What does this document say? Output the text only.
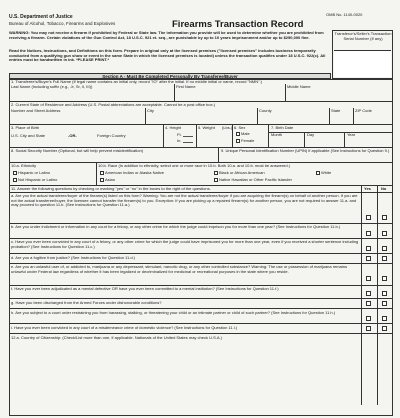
U.S. Department of Justice
Bureau of Alcohol, Tobacco, Firearms and Explosives	Firearms Transaction Record
OMB No. 1140-0020
WARNING: You may not receive a firearm if prohibited by Federal or State law. The information you provide will be used to determine whether you are prohibited from receiving a firearm. Certain violations of the Gun Control Act, 18 U.S.C. 921 et. seq., are punishable by up to 10 years imprisonment and/or up to $250,000 fine.
Read the Notices, Instructions, and Definitions on this form. Prepare in original only at the licensed premises ("licensed premises" includes business temporarily conducted from a qualifying gun show or event in the same State in which the licensed premises is located) unless the transaction qualifies under 18 U.S.C. 922(c). All entries must be handwritten in ink. *PLEASE PRINT.*
Transferor's/Seller's Transaction Serial Number (If any)
Section A - Must Be Completed Personally By Transferee/Buyer
1. Transferee's/Buyer's Full Name (If legal name contains an initial only, record "IO" after the initial. If no middle initial or name, record "NMN".)
Last Name (Including suffix (e.g., Jr, Sr, II, III))	First Name	Middle Name
2. Current State of Residence and Address (U.S. Postal abbreviations are acceptable. Cannot be a post office box.)
Number and Street Address	City	County	State	ZIP Code
3. Place of Birth
U.S. City and State	-OR-	Foreign Country
4. Height
Ft.
In.
5. Weight (Lbs.) 6. Sex
Male
Female
7. Birth Date
Month	Day	Year
8. Social Security Number (Optional, but will help prevent misidentification)	9. Unique Personal Identification Number (UPIN) if applicable (See Instructions for Question 9.)
10.a. Ethnicity
Hispanic or Latino
Not Hispanic or Latino
10.b. Race (In addition to ethnicity, select one or more race in 10.b. Both 10.a. and 10.b. must be answered.)
American Indian or Alaska Native	Black or African American	White
Asian	Native Hawaiian or Other Pacific Islander
11. Answer the following questions by checking or marking "yes" or "no" in the boxes to the right of the questions.	Yes	No
a. Are you the actual transferee/buyer of the firearm(s) listed on this form? Warning: You are not the actual transferee/buyer if you are acquiring the firearm(s) on behalf of another person. If you are not the actual transferee/buyer, the licensee cannot transfer the firearm(s) to you. Exception: If you are picking up a repaired firearm(s) for another person, you are not required to answer 11.a. and may proceed to question 11.b. (See Instructions for Question 11.a.)
b. Are you under indictment or information in any court for a felony, or any other crime for which the judge could imprison you for more than one year? (See Instructions for Question 11.b.)
c. Have you ever been convicted in any court of a felony, or any other crime for which the judge could have imprisoned you for more than one year, even if you received a shorter sentence including probation? (See Instructions for Question 11.c.)
d. Are you a fugitive from justice? (See Instructions for Question 11.d.)
e. Are you an unlawful user of, or addicted to, marijuana or any depressant, stimulant, narcotic drug, or any other controlled substance? Warning: The use or possession of marijuana remains unlawful under Federal law regardless of whether it has been legalized or decriminalized for medicinal or recreational purposes in the state where you reside.
f. Have you ever been adjudicated as a mental defective OR have you ever been committed to a mental institution? (See Instructions for Question 11.f.)
g. Have you been discharged from the Armed Forces under dishonorable conditions?
h. Are you subject to a court order restraining you from harassing, stalking, or threatening your child or an intimate partner or child of such partner? (See Instructions for Question 11.h.)
i. Have you ever been convicted in any court of a misdemeanor crime of domestic violence? (See Instructions for Question 11.i.)
12.a. Country of Citizenship: (Check/List more than one, if applicable. Nationals of the United States may check U.S.A.)
